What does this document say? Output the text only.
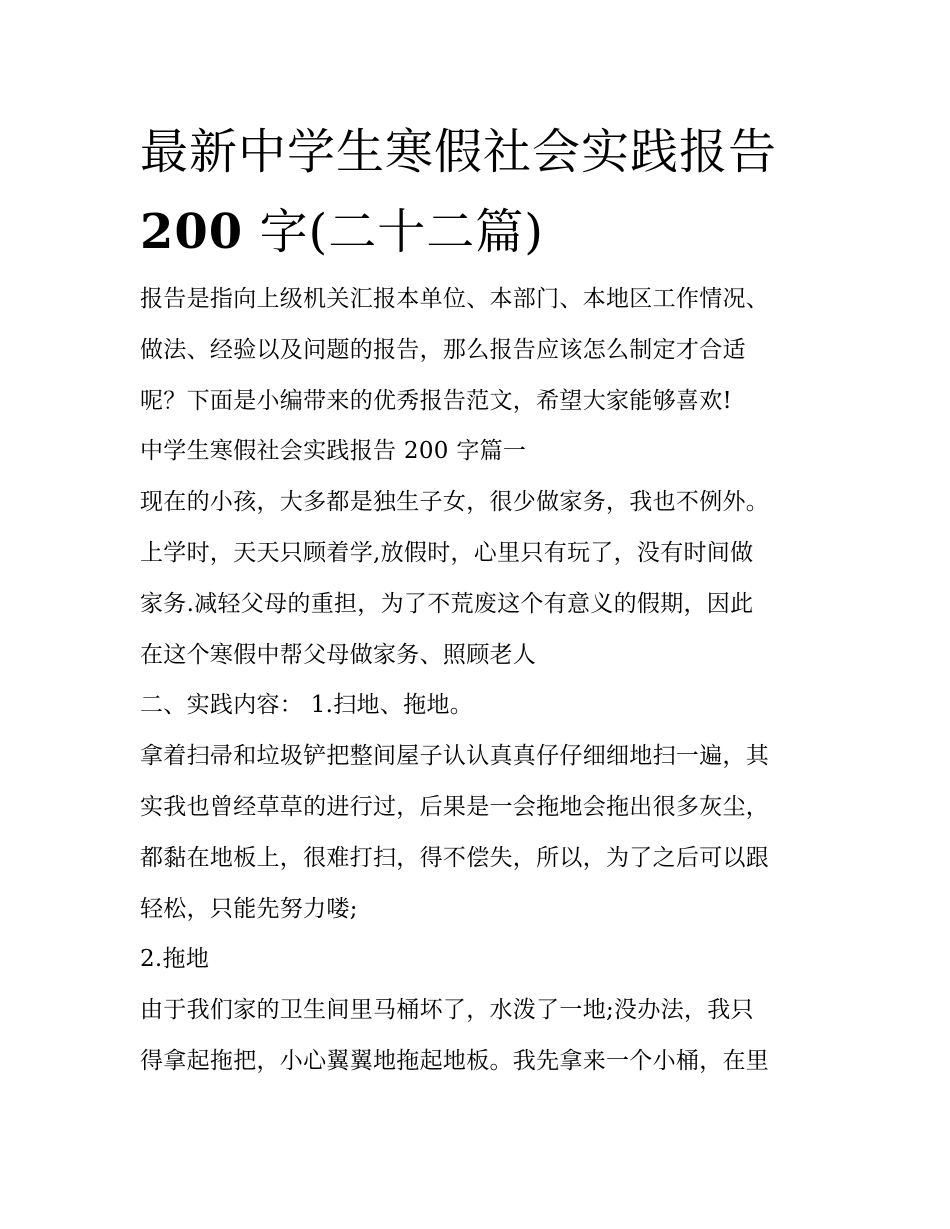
最新中学生寒假社会实践报告
200 字(二十二篇)
报告是指向上级机关汇报本单位、本部门、本地区工作情况、
做法、经验以及问题的报告，那么报告应该怎么制定才合适
呢？下面是小编带来的优秀报告范文，希望大家能够喜欢!
中学生寒假社会实践报告 200 字篇一
现在的小孩，大多都是独生子女，很少做家务，我也不例外。
上学时，天天只顾着学,放假时，心里只有玩了，没有时间做
家务.减轻父母的重担，为了不荒废这个有意义的假期，因此
在这个寒假中帮父母做家务、照顾老人
二、实践内容： 1.扫地、拖地。
拿着扫帚和垃圾铲把整间屋子认认真真仔仔细细地扫一遍，其
实我也曾经草草的进行过，后果是一会拖地会拖出很多灰尘，
都黏在地板上，很难打扫，得不偿失，所以，为了之后可以跟
轻松，只能先努力喽;
2.拖地
由于我们家的卫生间里马桶坏了，水泼了一地;没办法，我只
得拿起拖把，小心翼翼地拖起地板。我先拿来一个小桶，在里
